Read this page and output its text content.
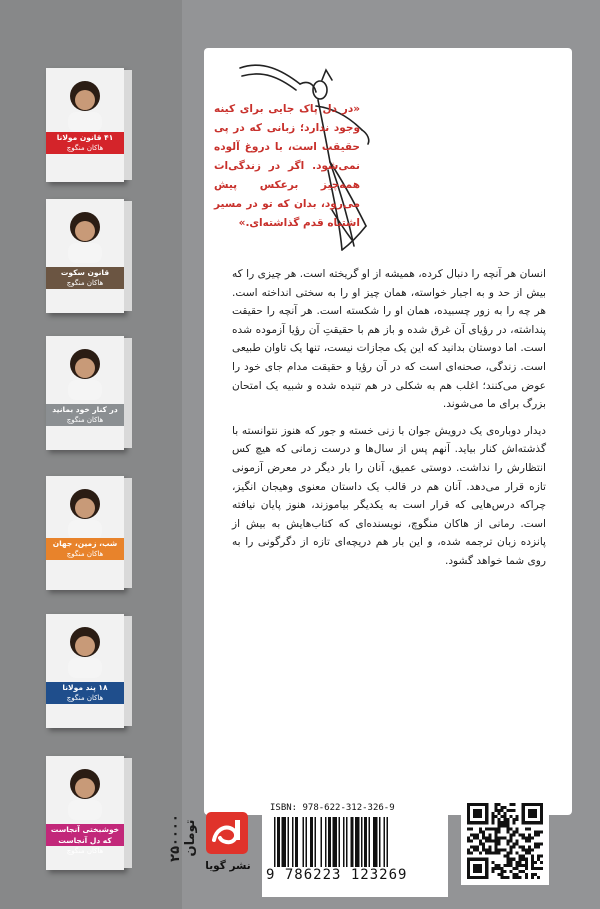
۴۱ قانون مولانا
هاکان منگوچ
قانون سکوت
هاکان منگوچ
در کنار خود بمانید
هاکان منگوچ
شب، زمین، جهان
هاکان منگوچ
۱۸ پند مولانا
هاکان منگوچ
خوشبختی آنجاست که دل آنجاست
هاکان منگوچ
«در دل پاک جایی برای کینه وجود ندارد؛ زبانی که در پی حقیقت است، با دروغ آلوده نمی‌شود. اگر در زندگی‌ات همه‌چیز برعکس پیش می‌رود، بدان که تو در مسیر اشتباه قدم گذاشته‌ای.»

انسان هر آنچه را دنبال کرده، همیشه از او گریخته است. هر چیزی را که بیش از حد و به اجبار خواسته، همان چیز او را به سختی انداخته است. هر چه را به زور چسبیده، همان او را شکسته است. هر آنچه را حقیقت پنداشته، در رؤیای آن غرق شده و باز هم با حقیقتِ آن رؤیا آزموده شده است. اما دوستان بدانید که این یک مجازات نیست، تنها یک تاوان طبیعی است. زندگی، صحنه‌ای است که در آن رؤیا و حقیقت مدام جای خود را عوض می‌کنند؛ اغلب هم به شکلی در هم تنیده شده و شبیه یک امتحان بزرگ برای ما می‌شوند.

دیدار دوباره‌ی یک درویش جوان با زنی خسته و جور که هنوز نتوانسته با گذشته‌اش کنار بیاید. آنهم پس از سال‌ها و درست زمانی که هیچ کس انتظارش را نداشت. دوستی عمیق، آنان را بار دیگر در معرض آزمونی تازه قرار می‌دهد. آنان هم در قالب یک داستان معنوی وهیجان انگیز، چراکه درس‌هایی که قرار است به یکدیگر بیاموزند، هنوز پایان نیافته است. رمانی از هاکان منگوچ، نویسنده‌ای که کتاب‌هایش به بیش از پانزده زبان ترجمه شده، و این بار هم دریچه‌ای تازه از دگرگونی را به روی شما خواهد گشود.

۲۵۰۰۰۰ تومان
نشر گویا
ISBN: 978-622-312-326-9
9 786223 123269
